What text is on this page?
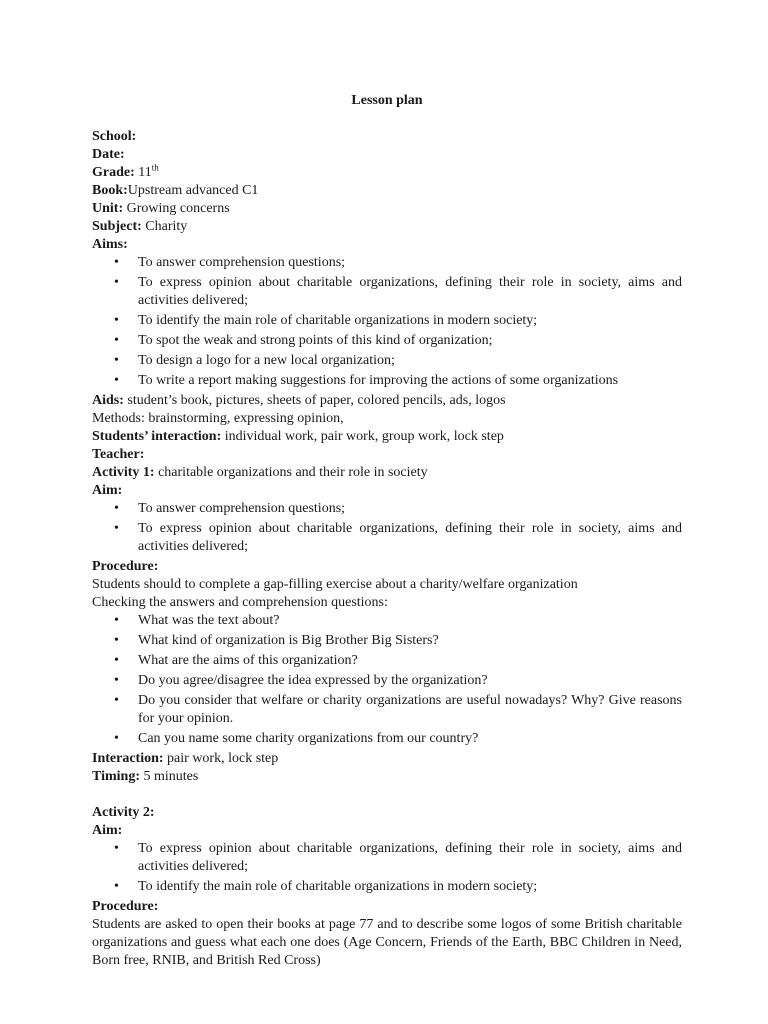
Lesson plan

School:

Date:

Grade: 11th

Book:Upstream advanced C1

Unit: Growing concerns

Subject: Charity

Aims:

• To answer comprehension questions;
• To express opinion about charitable organizations, defining their role in society, aims and activities delivered;
• To identify the main role of charitable organizations in modern society;
• To spot the weak and strong points of this kind of organization;
• To design a logo for a new local organization;
• To write a report making suggestions for improving the actions of some organizations

Aids: student’s book, pictures, sheets of paper, colored pencils, ads, logos

Methods: brainstorming, expressing opinion,

Students’ interaction: individual work, pair work, group work, lock step

Teacher:

Activity 1: charitable organizations and their role in society

Aim:

• To answer comprehension questions;
• To express opinion about charitable organizations, defining their role in society, aims and activities delivered;

Procedure:

Students should to complete a gap-filling exercise about a charity/welfare organization

Checking the answers and comprehension questions:

• What was the text about?
• What kind of organization is Big Brother Big Sisters?
• What are the aims of this organization?
• Do you agree/disagree the idea expressed by the organization?
• Do you consider that welfare or charity organizations are useful nowadays? Why? Give reasons for your opinion.
• Can you name some charity organizations from our country?

Interaction: pair work, lock step

Timing: 5 minutes

Activity 2:

Aim:

• To express opinion about charitable organizations, defining their role in society, aims and activities delivered;
• To identify the main role of charitable organizations in modern society;

Procedure:

Students are asked to open their books at page 77 and to describe some logos of some British charitable organizations and guess what each one does (Age Concern, Friends of the Earth, BBC Children in Need, Born free, RNIB, and British Red Cross)
